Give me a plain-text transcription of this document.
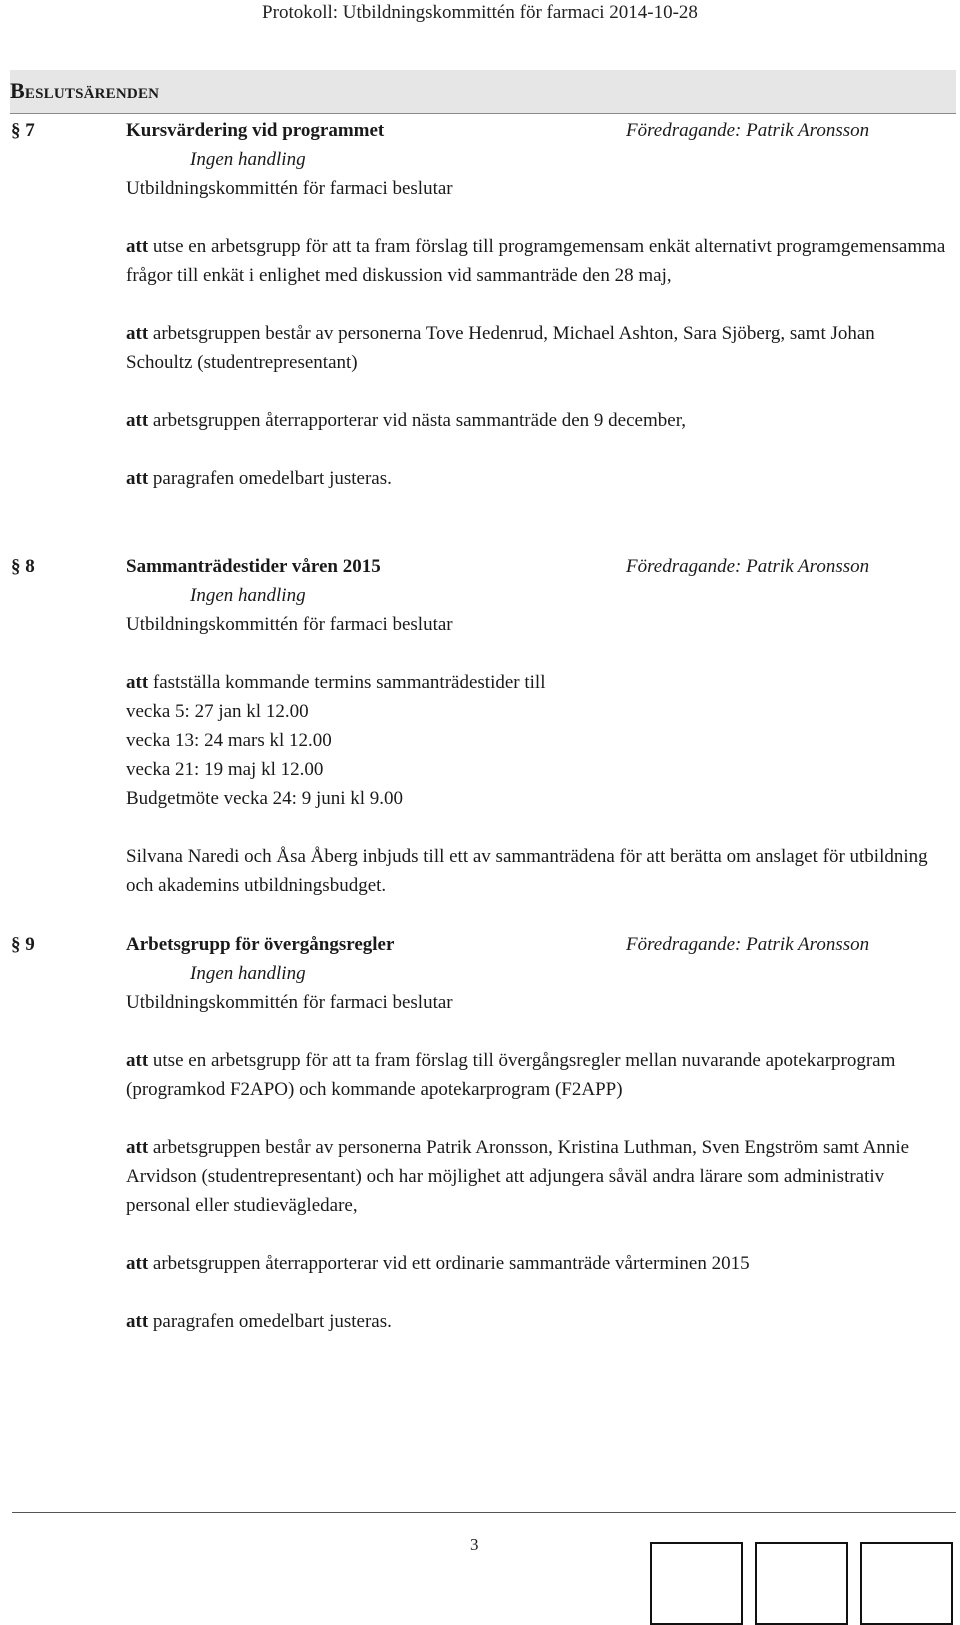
Protokoll: Utbildningskommittén för farmaci 2014-10-28
Beslutsärenden
§ 7	Kursvärdering vid programmet	Föredragande: Patrik Aronsson
Ingen handling
Utbildningskommittén för farmaci beslutar
att utse en arbetsgrupp för att ta fram förslag till programgemensam enkät alternativt programgemensamma frågor till enkät i enlighet med diskussion vid sammanträde den 28 maj,
att arbetsgruppen består av personerna Tove Hedenrud, Michael Ashton, Sara Sjöberg, samt Johan Schoultz (studentrepresentant)
att arbetsgruppen återrapporterar vid nästa sammanträde den 9 december,
att paragrafen omedelbart justeras.
§ 8	Sammanträdestider våren 2015	Föredragande: Patrik Aronsson
Ingen handling
Utbildningskommittén för farmaci beslutar
att fastställa kommande termins sammanträdestider till
vecka 5: 27 jan kl 12.00
vecka 13: 24 mars kl 12.00
vecka 21: 19 maj kl 12.00
Budgetmöte vecka 24: 9 juni kl 9.00
Silvana Naredi och Åsa Åberg inbjuds till ett av sammanträdena för att berätta om anslaget för utbildning och akademins utbildningsbudget.
§ 9	Arbetsgrupp för övergångsregler	Föredragande: Patrik Aronsson
Ingen handling
Utbildningskommittén för farmaci beslutar
att utse en arbetsgrupp för att ta fram förslag till övergångsregler mellan nuvarande apotekarprogram (programkod F2APO) och kommande apotekarprogram (F2APP)
att arbetsgruppen består av personerna Patrik Aronsson, Kristina Luthman, Sven Engström samt Annie Arvidson (studentrepresentant) och har möjlighet att adjungera såväl andra lärare som administrativ personal eller studievägledare,
att arbetsgruppen återrapporterar vid ett ordinarie sammanträde vårterminen 2015
att paragrafen omedelbart justeras.
3
